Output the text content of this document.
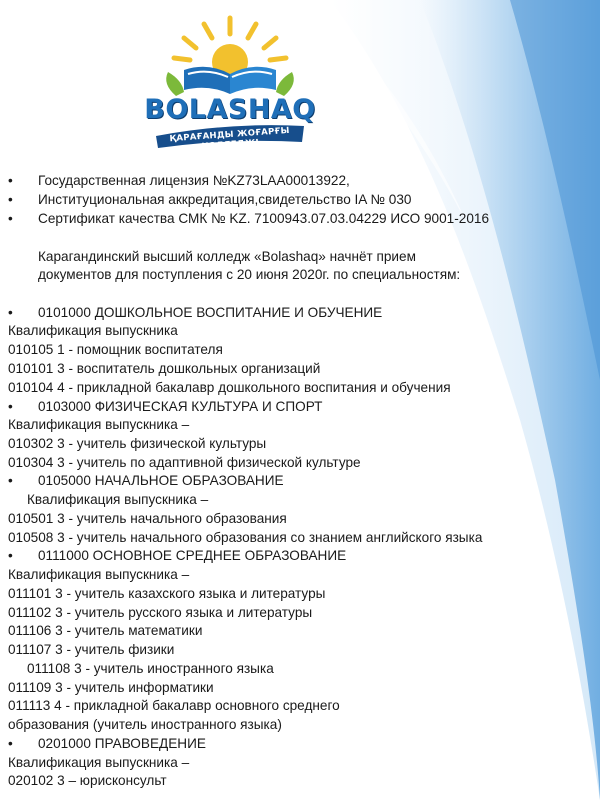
BOLASHAQ
ҚАРАҒАНДЫ ЖОҒАРҒЫ КОЛЛЕДЖІ
• Государственная лицензия №KZ73LAA00013922,
• Институциональная аккредитация,свидетельство IA № 030
• Сертификат качества СМК № KZ. 7100943.07.03.04229 ИСО 9001-2016
Карагандинский высший колледж «Bolashaq» начнёт прием
документов для поступления с 20 июня 2020г. по специальностям:
• 0101000 ДОШКОЛЬНОЕ ВОСПИТАНИЕ И ОБУЧЕНИЕ
Квалификация выпускника
010105 1 - помощник воспитателя
010101 3 - воспитатель дошкольных организаций
010104 4 - прикладной бакалавр дошкольного воспитания и обучения
• 0103000 ФИЗИЧЕСКАЯ КУЛЬТУРА И СПОРТ
Квалификация выпускника –
010302 3 - учитель физической культуры
010304 3 - учитель по адаптивной физической культуре
• 0105000 НАЧАЛЬНОЕ ОБРАЗОВАНИЕ
Квалификация выпускника –
010501 3 - учитель начального образования
010508 3 - учитель начального образования со знанием английского языка
• 0111000 ОСНОВНОЕ СРЕДНЕЕ ОБРАЗОВАНИЕ
Квалификация выпускника –
011101 3 - учитель казахского языка и литературы
011102 3 - учитель русского языка и литературы
011106 3 - учитель математики
011107 3 - учитель физики
011108 3 - учитель иностранного языка
011109 3 - учитель информатики
011113 4 - прикладной бакалавр основного среднего
образования (учитель иностранного языка)
• 0201000 ПРАВОВЕДЕНИЕ
Квалификация выпускника –
020102 3 – юрисконсульт
